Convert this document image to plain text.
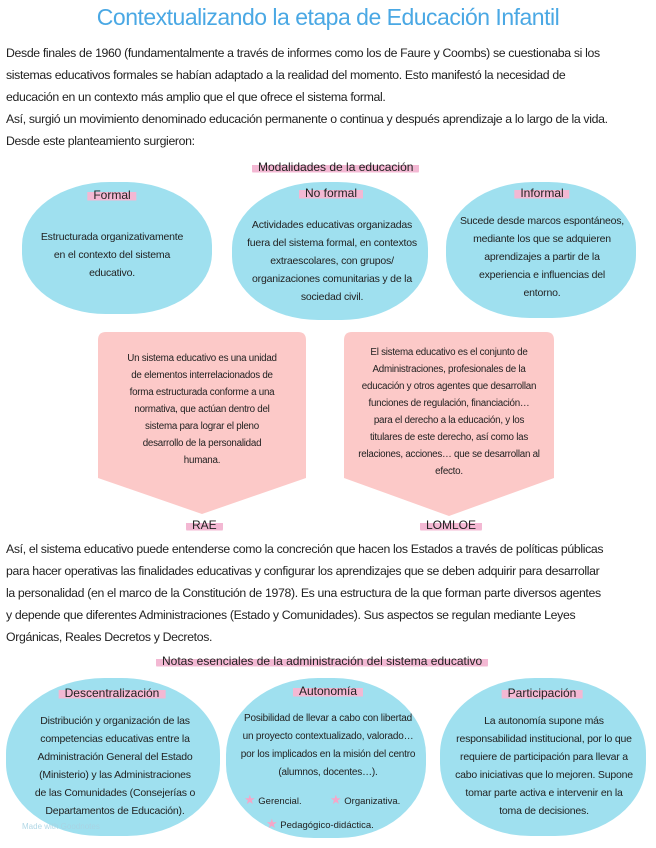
Contextualizando la etapa de Educación Infantil
Desde finales de 1960 (fundamentalmente a través de informes como los de Faure y Coombs) se cuestionaba si los
sistemas educativos formales se habían adaptado a la realidad del momento. Esto manifestó la necesidad de
educación en un contexto más amplio que el que ofrece el sistema formal.
Así, surgió un movimiento denominado educación permanente o continua y después aprendizaje a lo largo de la vida.
Desde este planteamiento surgieron:
Modalidades de la educación
Formal
Estructurada organizativamente
en el contexto del sistema
educativo.
No formal
Actividades educativas organizadas
fuera del sistema formal, en contextos
extraescolares, con grupos/
organizaciones comunitarias y de la
sociedad civil.
Informal
Sucede desde marcos espontáneos,
mediante los que se adquieren
aprendizajes a partir de la
experiencia e influencias del
entorno.
Un sistema educativo es una unidad
de elementos interrelacionados de
forma estructurada conforme a una
normativa, que actúan dentro del
sistema para lograr el pleno
desarrollo de la personalidad
humana.
RAE
El sistema educativo es el conjunto de
Administraciones, profesionales de la
educación y otros agentes que desarrollan
funciones de regulación, financiación…
para el derecho a la educación, y los
titulares de este derecho, así como las
relaciones, acciones… que se desarrollan al
efecto.
LOMLOE
Así, el sistema educativo puede entenderse como la concreción que hacen los Estados a través de políticas públicas
para hacer operativas las finalidades educativas y configurar los aprendizajes que se deben adquirir para desarrollar
la personalidad (en el marco de la Constitución de 1978). Es una estructura de la que forman parte diversos agentes
y depende que diferentes Administraciones (Estado y Comunidades). Sus aspectos se regulan mediante Leyes
Orgánicas, Reales Decretos y Decretos.
Notas esenciales de la administración del sistema educativo
Descentralización
Distribución y organización de las
competencias educativas entre la
Administración General del Estado
(Ministerio) y las Administraciones
de las Comunidades (Consejerías o
Departamentos de Educación).
Autonomía
Posibilidad de llevar a cabo con libertad
un proyecto contextualizado, valorado…
por los implicados en la misión del centro
(alumnos, docentes…).
★ Gerencial. ★ Organizativa.
★ Pedagógico-didáctica.
Participación
La autonomía supone más
responsabilidad institucional, por lo que
requiere de participación para llevar a
cabo iniciativas que lo mejoren. Supone
tomar parte activa e intervenir en la
toma de decisiones.
Made with Goodnotes
